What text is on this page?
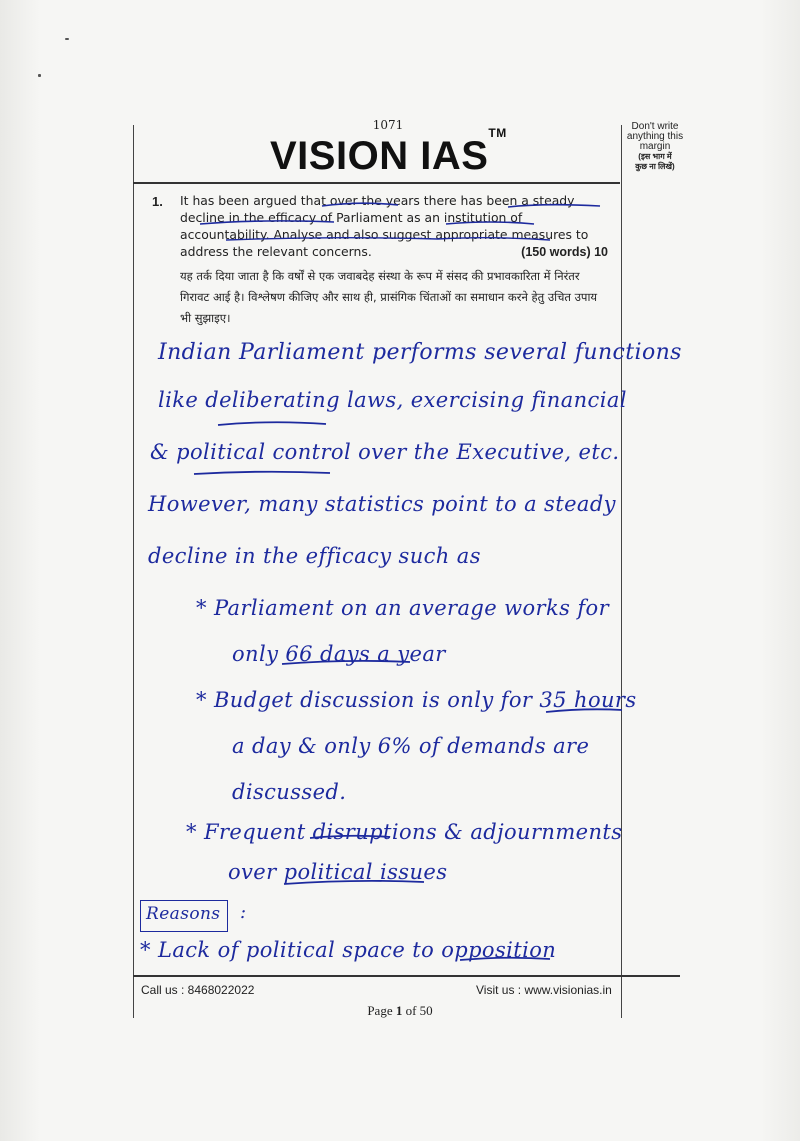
1071
VISION IAS™	Don't write
anything this
margin
(इस भाग में
कुछ ना लिखें)
1. It has been argued that over the years there has been a steady decline in the efficacy of Parliament as an institution of accountability. Analyse and also suggest appropriate measures to address the relevant concerns.	(150 words) 10
यह तर्क दिया जाता है कि वर्षों से एक जवाबदेह संस्था के रूप में संसद की प्रभावकारिता में निरंतर गिरावट आई है। विश्लेषण कीजिए और साथ ही, प्रासंगिक चिंताओं का समाधान करने हेतु उचित उपाय भी सुझाइए।
Indian Parliament performs several functions
like deliberating laws, exercising financial
& political control over the Executive, etc.
However, many statistics point to a steady
decline in the efficacy such as
* Parliament on an average works for
only 66 days a year
* Budget discussion is only for 35 hours
a day & only 6% of demands are
discussed.
* Frequent disruptions & adjournments
over political issues
Reasons :
* Lack of political space to opposition
Call us : 8468022022	Visit us : www.visionias.in
Page 1 of 50
